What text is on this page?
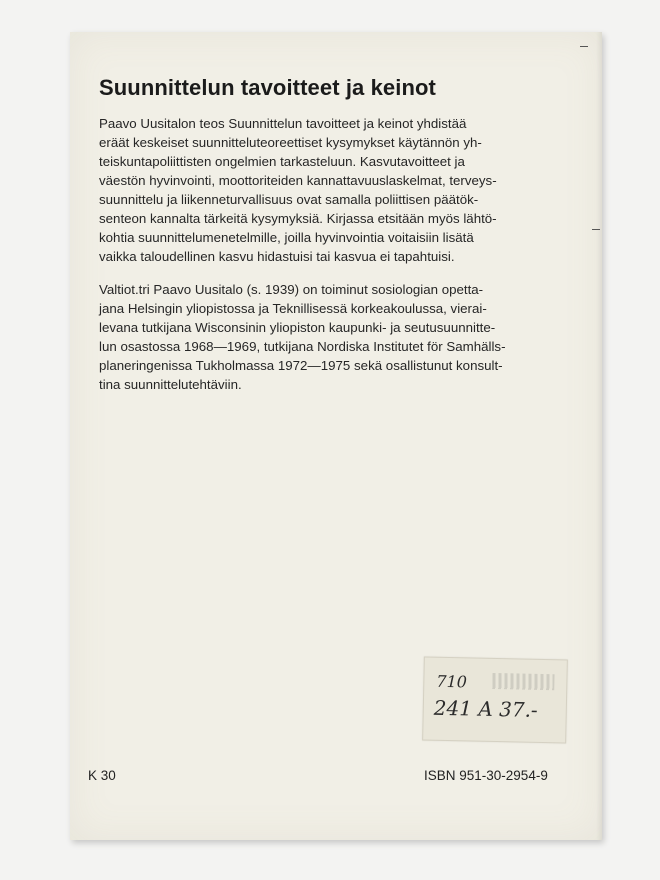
Suunnittelun tavoitteet ja keinot
Paavo Uusitalon teos Suunnittelun tavoitteet ja keinot yhdistää
eräät keskeiset suunnitteluteoreettiset kysymykset käytännön yh-
teiskuntapoliittisten ongelmien tarkasteluun. Kasvutavoitteet ja
väestön hyvinvointi, moottoriteiden kannattavuuslaskelmat, terveys-
suunnittelu ja liikenneturvallisuus ovat samalla poliittisen päätök-
senteon kannalta tärkeitä kysymyksiä. Kirjassa etsitään myös lähtö-
kohtia suunnittelumenetelmille, joilla hyvinvointia voitaisiin lisätä
vaikka taloudellinen kasvu hidastuisi tai kasvua ei tapahtuisi.
Valtiot.tri Paavo Uusitalo (s. 1939) on toiminut sosiologian opetta-
jana Helsingin yliopistossa ja Teknillisessä korkeakoulussa, vierai-
levana tutkijana Wisconsinin yliopiston kaupunki- ja seutusuunnitte-
lun osastossa 1968—1969, tutkijana Nordiska Institutet för Samhälls-
planeringenissa Tukholmassa 1972—1975 sekä osallistunut konsult-
tina suunnittelutehtäviin.

710

241 A 37.-

K 30	ISBN 951-30-2954-9
